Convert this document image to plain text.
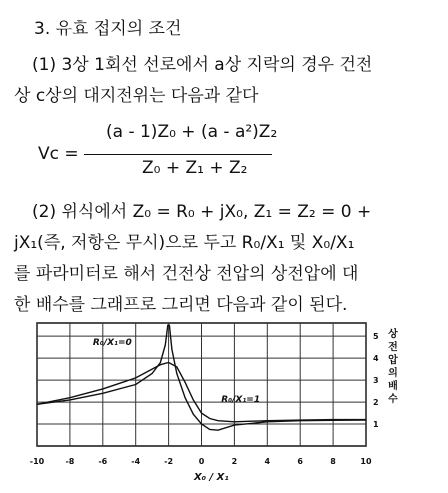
3. 유효 접지의 조건
(1) 3상 1회선 선로에서 a상 지락의 경우 건전
상 c상의 대지전위는 다음과 같다
Vc =
(a - 1)Z₀ + (a - a²)Z₂
Z₀ + Z₁ + Z₂
(2) 위식에서 Z₀ = R₀ + jX₀, Z₁ = Z₂ = 0 +
jX₁(즉, 저항은 무시)으로 두고 R₀/X₁ 및 X₀/X₁
를 파라미터로 해서 건전상 전압의 상전압에 대
한 배수를 그래프로 그리면 다음과 같이 된다.
-10	-8	-6	-4	-2	0	2	4	6	8	10
1
2
3
4
5
R₀/X₁=0
R₀/X₁=1
X₀ / X₁
상
전
압
의
배
수
